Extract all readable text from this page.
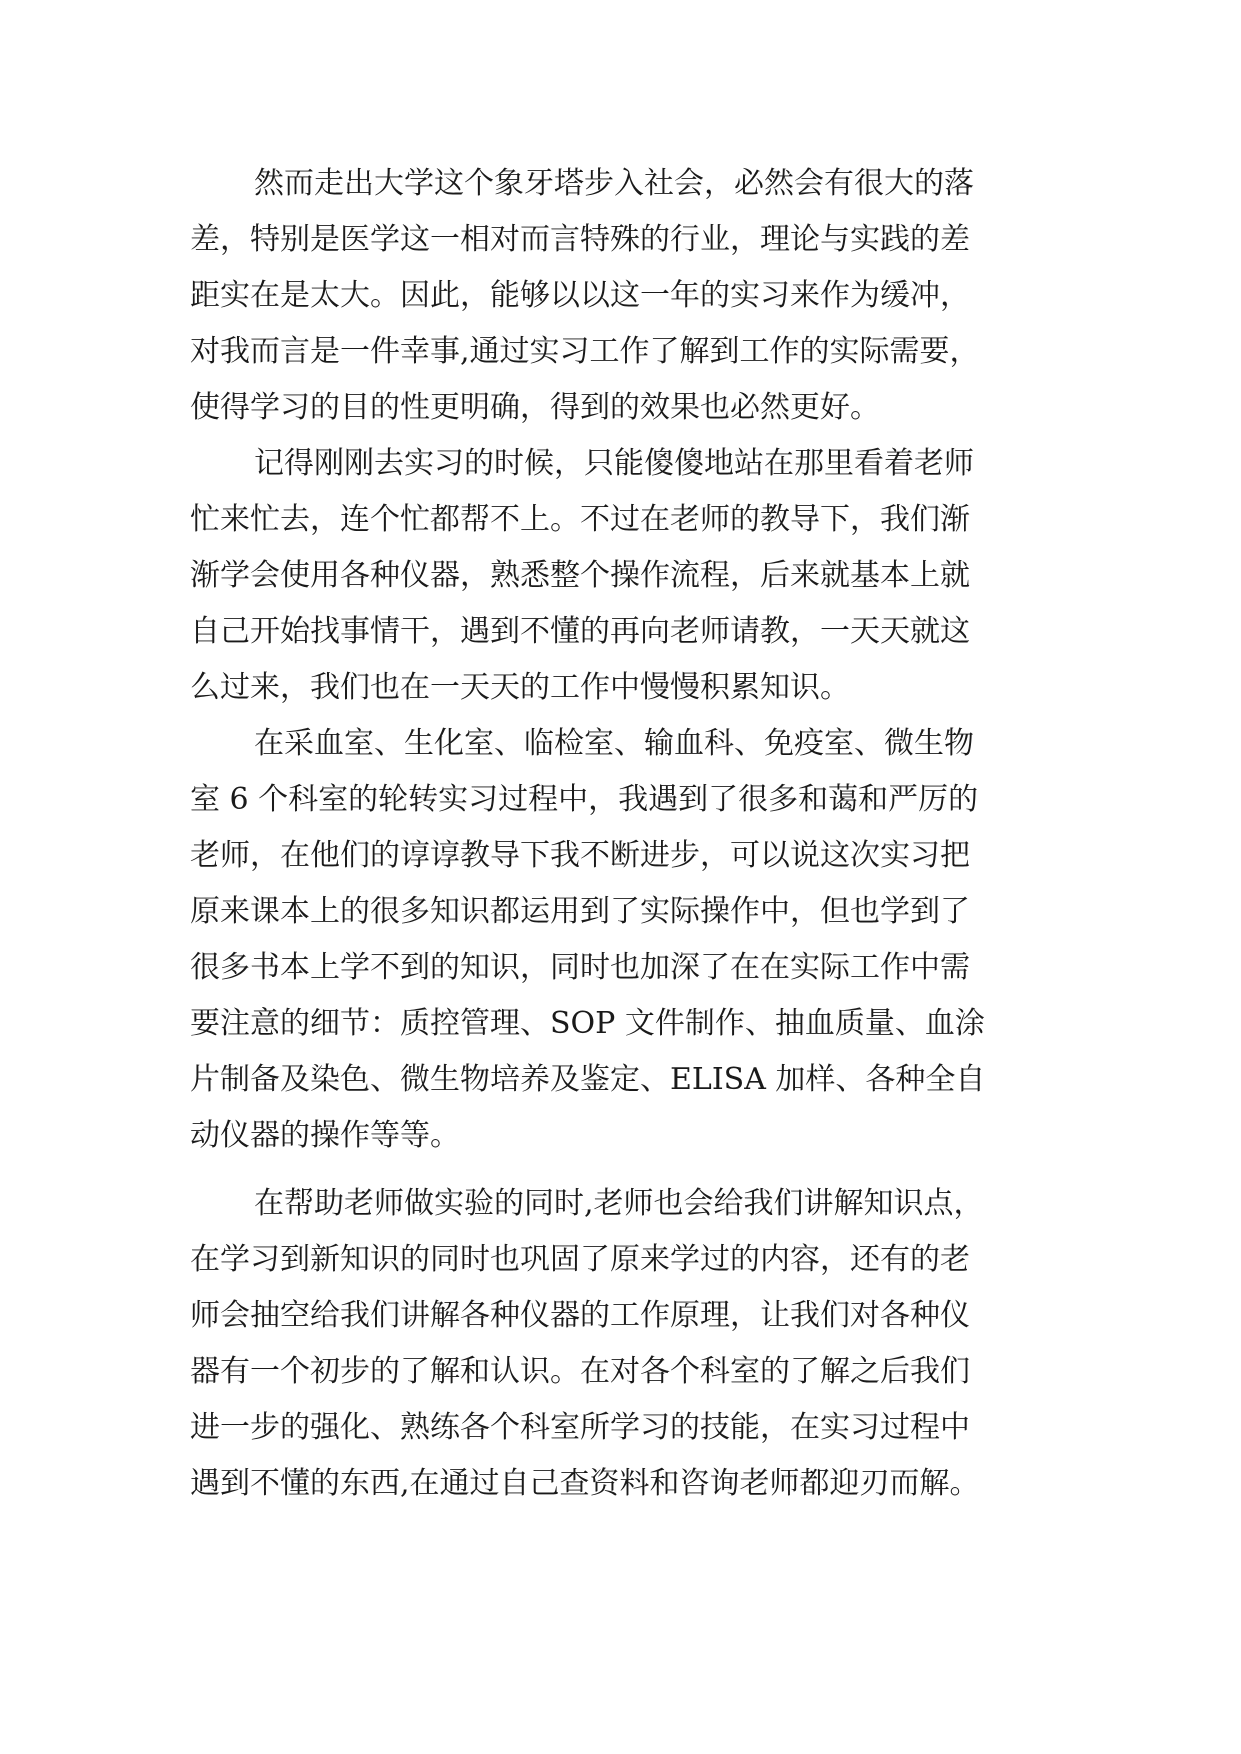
然而走出大学这个象牙塔步入社会，必然会有很大的落
差，特别是医学这一相对而言特殊的行业，理论与实践的差
距实在是太大。因此，能够以以这一年的实习来作为缓冲，
对我而言是一件幸事,通过实习工作了解到工作的实际需要，
使得学习的目的性更明确，得到的效果也必然更好。
记得刚刚去实习的时候，只能傻傻地站在那里看着老师
忙来忙去，连个忙都帮不上。不过在老师的教导下，我们渐
渐学会使用各种仪器，熟悉整个操作流程，后来就基本上就
自己开始找事情干，遇到不懂的再向老师请教，一天天就这
么过来，我们也在一天天的工作中慢慢积累知识。
在采血室、生化室、临检室、输血科、免疫室、微生物
室 6 个科室的轮转实习过程中，我遇到了很多和蔼和严厉的
老师，在他们的谆谆教导下我不断进步，可以说这次实习把
原来课本上的很多知识都运用到了实际操作中，但也学到了
很多书本上学不到的知识，同时也加深了在在实际工作中需
要注意的细节：质控管理、SOP 文件制作、抽血质量、血涂
片制备及染色、微生物培养及鉴定、ELISA 加样、各种全自
动仪器的操作等等。
在帮助老师做实验的同时,老师也会给我们讲解知识点，
在学习到新知识的同时也巩固了原来学过的内容，还有的老
师会抽空给我们讲解各种仪器的工作原理，让我们对各种仪
器有一个初步的了解和认识。在对各个科室的了解之后我们
进一步的强化、熟练各个科室所学习的技能，在实习过程中
遇到不懂的东西,在通过自己查资料和咨询老师都迎刃而解。
